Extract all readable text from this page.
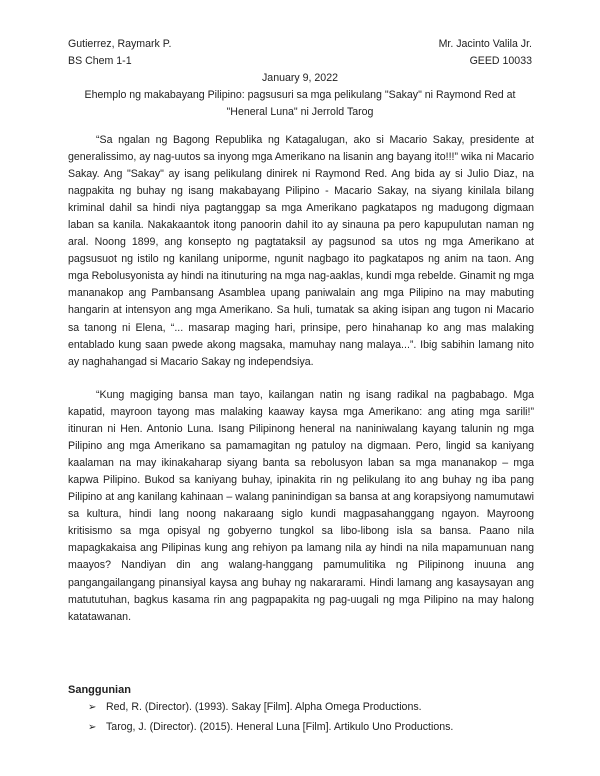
Gutierrez, Raymark P.	Mr. Jacinto Valila Jr.
BS Chem 1-1	GEED 10033
January 9, 2022
Ehemplo ng makabayang Pilipino: pagsusuri sa mga pelikulang "Sakay" ni Raymond Red at
"Heneral Luna" ni Jerrold Tarog

“Sa ngalan ng Bagong Republika ng Katagalugan, ako si Macario Sakay, presidente at generalissimo, ay nag-uutos sa inyong mga Amerikano na lisanin ang bayang ito!!!” wika ni Macario Sakay. Ang "Sakay" ay isang pelikulang dinirek ni Raymond Red. Ang bida ay si Julio Diaz, na nagpakita ng buhay ng isang makabayang Pilipino - Macario Sakay, na siyang kinilala bilang kriminal dahil sa hindi niya pagtanggap sa mga Amerikano pagkatapos ng madugong digmaan laban sa kanila. Nakakaantok itong panoorin dahil ito ay sinauna pa pero kapupulutan naman ng aral. Noong 1899, ang konsepto ng pagtataksil ay pagsunod sa utos ng mga Amerikano at pagsusuot ng istilo ng kanilang uniporme, ngunit nagbago ito pagkatapos ng anim na taon. Ang mga Rebolusyonista ay hindi na itinuturing na mga nag-aaklas, kundi mga rebelde. Ginamit ng mga mananakop ang Pambansang Asamblea upang paniwalain ang mga Pilipino na may mabuting hangarin at intensyon ang mga Amerikano. Sa huli, tumatak sa aking isipan ang tugon ni Macario sa tanong ni Elena, “... masarap maging hari, prinsipe, pero hinahanap ko ang mas malaking entablado kung saan pwede akong magsaka, mamuhay nang malaya...”. Ibig sabihin lamang nito ay naghahangad si Macario Sakay ng independsiya.

“Kung magiging bansa man tayo, kailangan natin ng isang radikal na pagbabago. Mga kapatid, mayroon tayong mas malaking kaaway kaysa mga Amerikano: ang ating mga sarili!” itinuran ni Hen. Antonio Luna. Isang Pilipinong heneral na naniniwalang kayang talunin ng mga Pilipino ang mga Amerikano sa pamamagitan ng patuloy na digmaan. Pero, lingid sa kaniyang kaalaman na may ikinakaharap siyang banta sa rebolusyon laban sa mga mananakop – mga kapwa Pilipino. Bukod sa kaniyang buhay, ipinakita rin ng pelikulang ito ang buhay ng iba pang Pilipino at ang kanilang kahinaan – walang paninindigan sa bansa at ang korapsiyong namumutawi sa kultura, hindi lang noong nakaraang siglo kundi magpasahanggang ngayon. Mayroong kritisismo sa mga opisyal ng gobyerno tungkol sa libo-libong isla sa bansa. Paano nila mapagkakaisa ang Pilipinas kung ang rehiyon pa lamang nila ay hindi na nila mapamunuan nang maayos? Nandiyan din ang walang-hanggang pamumulitika ng Pilipinong inuuna ang pangangailangang pinansiyal kaysa ang buhay ng nakararami. Hindi lamang ang kasaysayan ang matututuhan, bagkus kasama rin ang pagpapakita ng pag-uugali ng mga Pilipino na may halong katatawanan.

Sanggunian
➢ Red, R. (Director). (1993). Sakay [Film]. Alpha Omega Productions.
➢ Tarog, J. (Director). (2015). Heneral Luna [Film]. Artikulo Uno Productions.
